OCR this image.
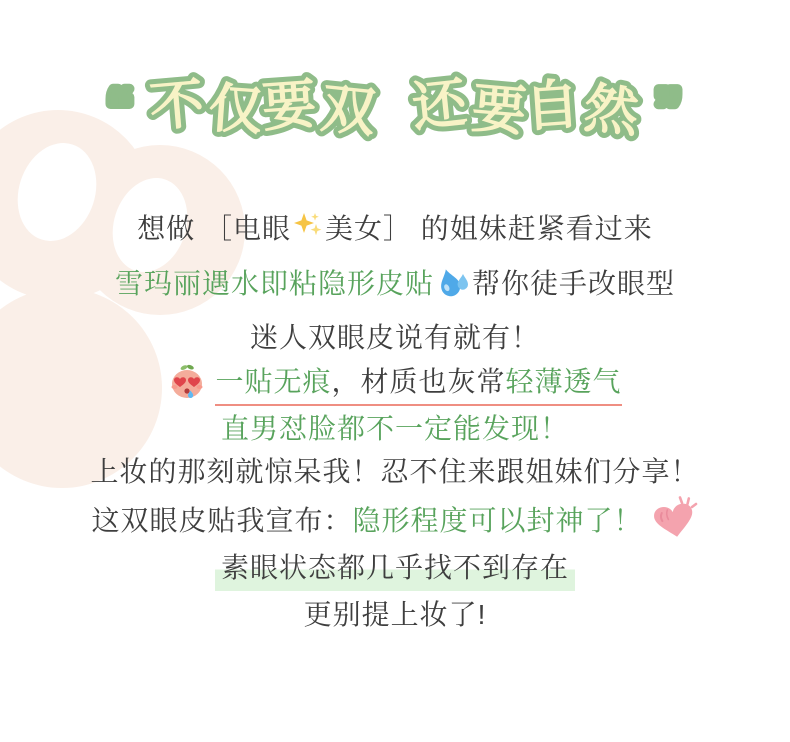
“ 不仅要双 还要自然 ”
想做 ［电眼 美女］ 的姐妹赶紧看过来
雪玛丽遇水即粘隐形皮贴 帮你徒手改眼型
迷人双眼皮说有就有！
一贴无痕，材质也灰常轻薄透气
直男怼脸都不一定能发现！
上妆的那刻就惊呆我！忍不住来跟姐妹们分享！
这双眼皮贴我宣布：隐形程度可以封神了！
素眼状态都几乎找不到存在
更别提上妆了!
